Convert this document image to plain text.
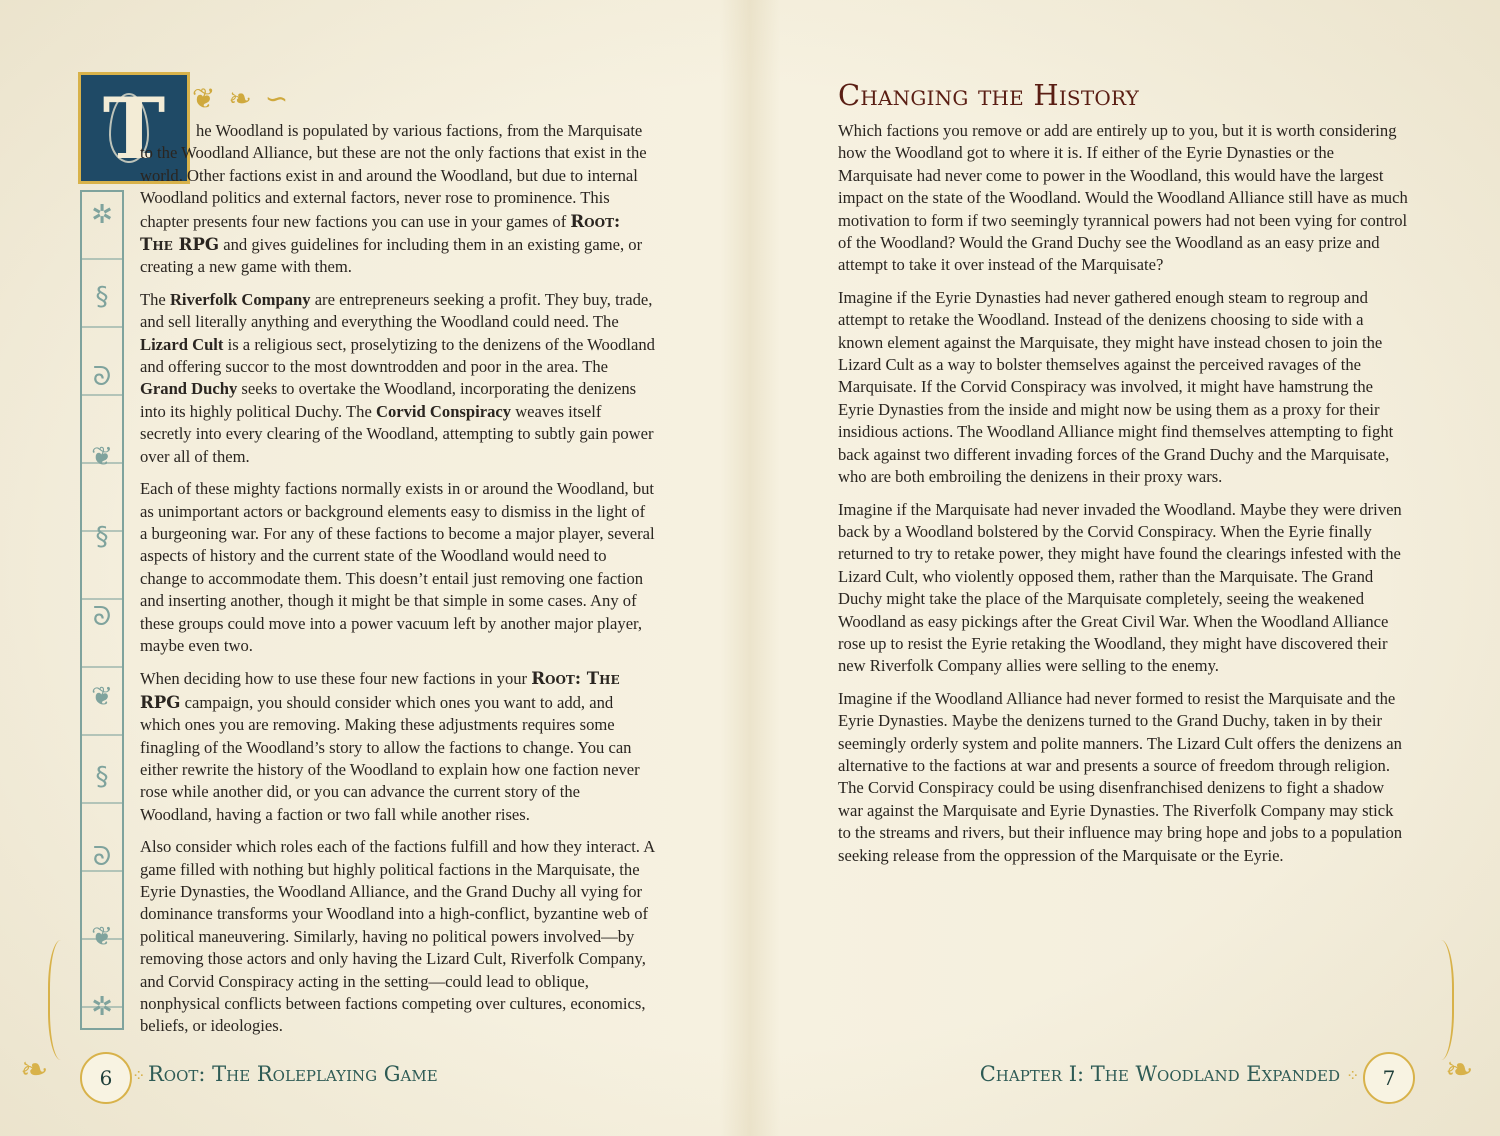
T ❦ ❧ ∽
✲
§
ᘐ
❦
§
ᘐ
❦
§
ᘐ
❦
✲

he Woodland is populated by various factions, from the Marquisate to the Woodland Alliance, but these are not the only factions that exist in the world. Other factions exist in and around the Woodland, but due to internal Woodland politics and external factors, never rose to prominence. This chapter presents four new factions you can use in your games of Root: The RPG and gives guidelines for including them in an existing game, or creating a new game with them.

The Riverfolk Company are entrepreneurs seeking a profit. They buy, trade, and sell literally anything and everything the Woodland could need. The Lizard Cult is a religious sect, proselytizing to the denizens of the Woodland and offering succor to the most downtrodden and poor in the area. The Grand Duchy seeks to overtake the Woodland, incorporating the denizens into its highly political Duchy. The Corvid Conspiracy weaves itself secretly into every clearing of the Woodland, attempting to subtly gain power over all of them.

Each of these mighty factions normally exists in or around the Woodland, but as unimportant actors or background elements easy to dismiss in the light of a burgeoning war. For any of these factions to become a major player, several aspects of history and the current state of the Woodland would need to change to accommodate them. This doesn’t entail just removing one faction and inserting another, though it might be that simple in some cases. Any of these groups could move into a power vacuum left by another major player, maybe even two.

When deciding how to use these four new factions in your Root: The RPG campaign, you should consider which ones you want to add, and which ones you are removing. Making these adjustments requires some finagling of the Woodland’s story to allow the factions to change. You can either rewrite the history of the Woodland to explain how one faction never rose while another did, or you can advance the current story of the Woodland, having a faction or two fall while another rises.

Also consider which roles each of the factions fulfill and how they interact. A game filled with nothing but highly political factions in the Marquisate, the Eyrie Dynasties, the Woodland Alliance, and the Grand Duchy all vying for dominance transforms your Woodland into a high-conflict, byzantine web of political maneuvering. Similarly, having no political powers involved—by removing those actors and only having the Lizard Cult, Riverfolk Company, and Corvid Conspiracy acting in the setting—could lead to oblique, nonphysical conflicts between factions competing over cultures, economics, beliefs, or ideologies.

❧	6 ⁘ Root: The Roleplaying Game
Changing the History

Which factions you remove or add are entirely up to you, but it is worth considering how the Woodland got to where it is. If either of the Eyrie Dynasties or the Marquisate had never come to power in the Woodland, this would have the largest impact on the state of the Woodland. Would the Woodland Alliance still have as much motivation to form if two seemingly tyrannical powers had not been vying for control of the Woodland? Would the Grand Duchy see the Woodland as an easy prize and attempt to take it over instead of the Marquisate?

Imagine if the Eyrie Dynasties had never gathered enough steam to regroup and attempt to retake the Woodland. Instead of the denizens choosing to side with a known element against the Marquisate, they might have instead chosen to join the Lizard Cult as a way to bolster themselves against the perceived ravages of the Marquisate. If the Corvid Conspiracy was involved, it might have hamstrung the Eyrie Dynasties from the inside and might now be using them as a proxy for their insidious actions. The Woodland Alliance might find themselves attempting to fight back against two different invading forces of the Grand Duchy and the Marquisate, who are both embroiling the denizens in their proxy wars.

Imagine if the Marquisate had never invaded the Woodland. Maybe they were driven back by a Woodland bolstered by the Corvid Conspiracy. When the Eyrie finally returned to try to retake power, they might have found the clearings infested with the Lizard Cult, who violently opposed them, rather than the Marquisate. The Grand Duchy might take the place of the Marquisate completely, seeing the weakened Woodland as easy pickings after the Great Civil War. When the Woodland Alliance rose up to resist the Eyrie retaking the Woodland, they might have discovered their new Riverfolk Company allies were selling to the enemy.

Imagine if the Woodland Alliance had never formed to resist the Marquisate and the Eyrie Dynasties. Maybe the denizens turned to the Grand Duchy, taken in by their seemingly orderly system and polite manners. The Lizard Cult offers the denizens an alternative to the factions at war and presents a source of freedom through religion. The Corvid Conspiracy could be using disenfranchised denizens to fight a shadow war against the Marquisate and Eyrie Dynasties. The Riverfolk Company may stick to the streams and rivers, but their influence may bring hope and jobs to a population seeking release from the oppression of the Marquisate or the Eyrie.

❧
Chapter I: The Woodland Expanded ⁘ 7
